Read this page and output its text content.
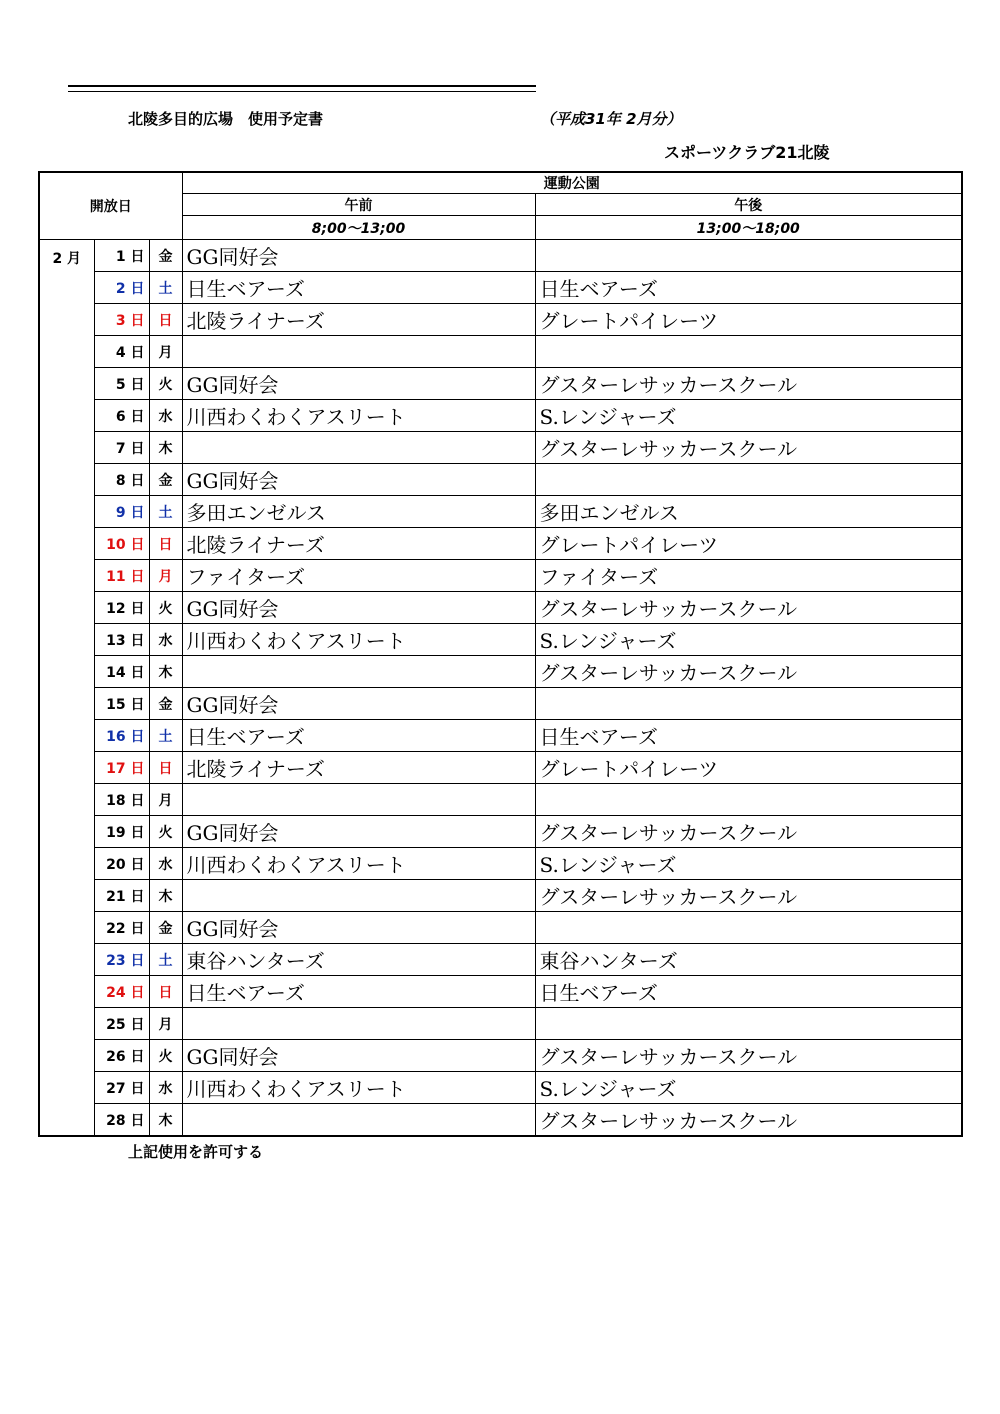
北陵多目的広場　使用予定書	（平成31年 2月分）
スポーツクラブ21北陵
開放日			運動公園	
			午前	午後
			8;00～13;00	13;00～18;00
2 月	1 日	金	GG同好会	
	2 日	土	日生ベアーズ	日生ベアーズ
	3 日	日	北陵ライナーズ	グレートパイレーツ
	4 日	月		
	5 日	火	GG同好会	グスターレサッカースクール
	6 日	水	川西わくわくアスリート	S.レンジャーズ
	7 日	木		グスターレサッカースクール
	8 日	金	GG同好会	
	9 日	土	多田エンゼルス	多田エンゼルス
	10 日	日	北陵ライナーズ	グレートパイレーツ
	11 日	月	ファイターズ	ファイターズ
	12 日	火	GG同好会	グスターレサッカースクール
	13 日	水	川西わくわくアスリート	S.レンジャーズ
	14 日	木		グスターレサッカースクール
	15 日	金	GG同好会	
	16 日	土	日生ベアーズ	日生ベアーズ
	17 日	日	北陵ライナーズ	グレートパイレーツ
	18 日	月		
	19 日	火	GG同好会	グスターレサッカースクール
	20 日	水	川西わくわくアスリート	S.レンジャーズ
	21 日	木		グスターレサッカースクール
	22 日	金	GG同好会	
	23 日	土	東谷ハンターズ	東谷ハンターズ
	24 日	日	日生ベアーズ	日生ベアーズ
	25 日	月		
	26 日	火	GG同好会	グスターレサッカースクール
	27 日	水	川西わくわくアスリート	S.レンジャーズ
	28 日	木		グスターレサッカースクール
上記使用を許可する
